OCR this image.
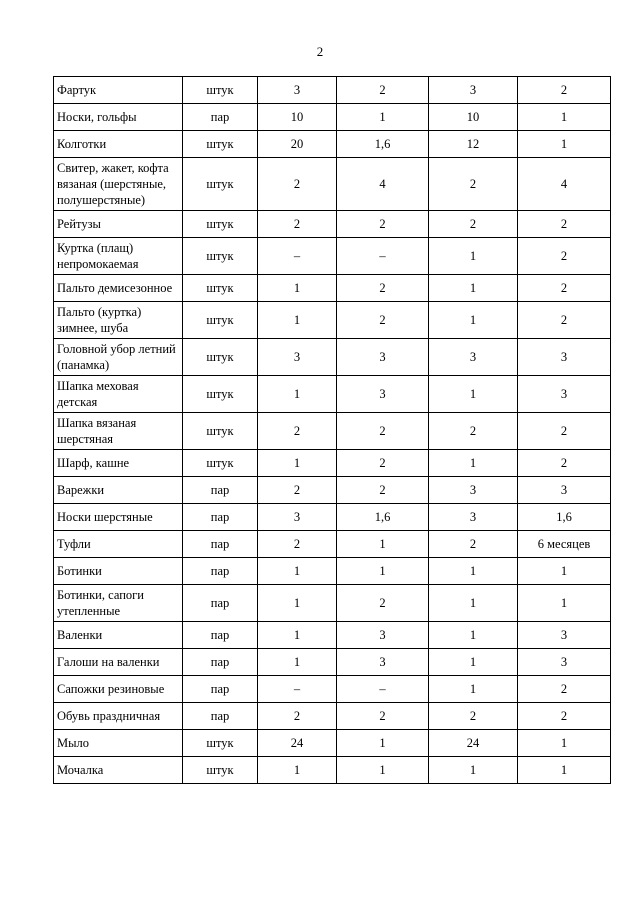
2
Фартук	штук	3	2	3	2
Носки, гольфы	пар	10	1	10	1
Колготки	штук	20	1,6	12	1
Свитер, жакет, кофта вязаная (шерстяные, полушерстяные)	штук	2	4	2	4
Рейтузы	штук	2	2	2	2
Куртка (плащ) непромокаемая	штук	–	–	1	2
Пальто демисезонное	штук	1	2	1	2
Пальто (куртка) зимнее, шуба	штук	1	2	1	2
Головной убор летний (панамка)	штук	3	3	3	3
Шапка меховая детская	штук	1	3	1	3
Шапка вязаная шерстяная	штук	2	2	2	2
Шарф, кашне	штук	1	2	1	2
Варежки	пар	2	2	3	3
Носки шерстяные	пар	3	1,6	3	1,6
Туфли	пар	2	1	2	6 месяцев
Ботинки	пар	1	1	1	1
Ботинки, сапоги утепленные	пар	1	2	1	1
Валенки	пар	1	3	1	3
Галоши на валенки	пар	1	3	1	3
Сапожки резиновые	пар	–	–	1	2
Обувь праздничная	пар	2	2	2	2
Мыло	штук	24	1	24	1
Мочалка	штук	1	1	1	1
